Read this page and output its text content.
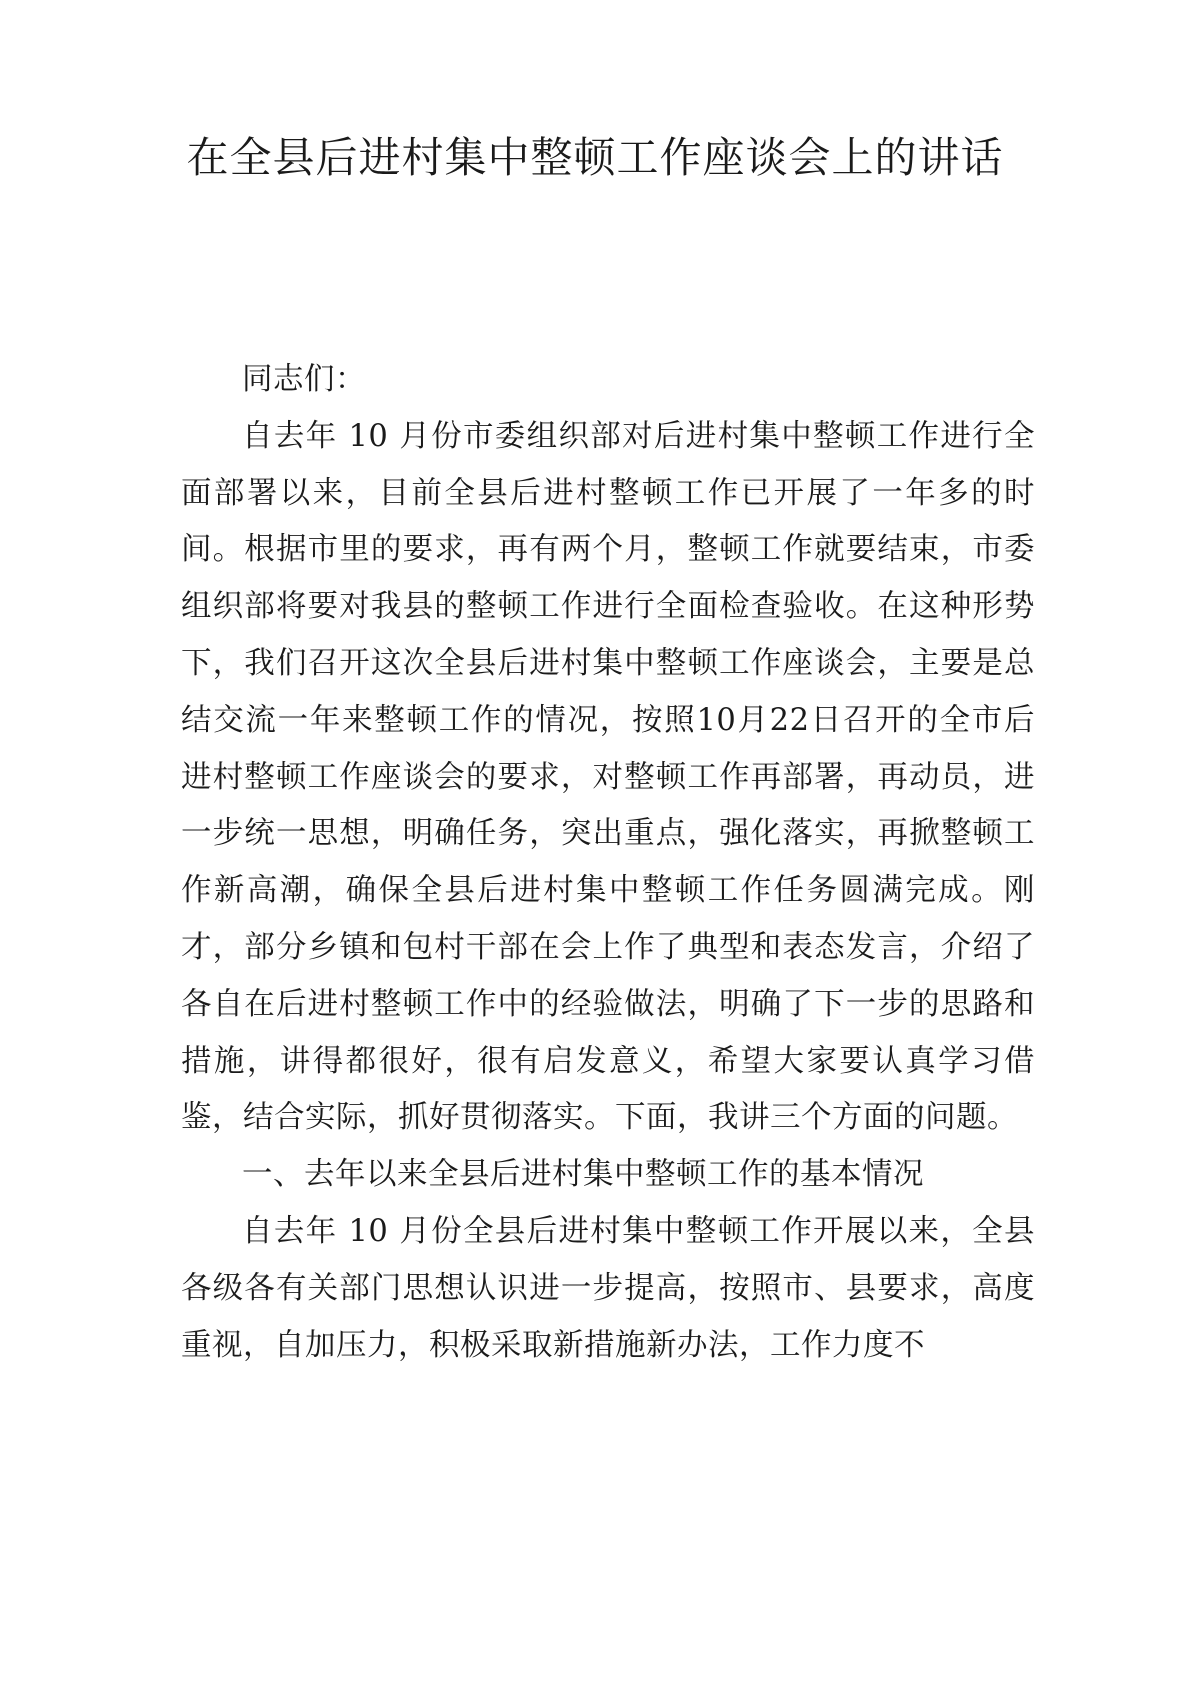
在全县后进村集中整顿工作座谈会上的讲话

同志们：

自去年 10 月份市委组织部对后进村集中整顿工作进行全面部署以来，目前全县后进村整顿工作已开展了一年多的时间。根据市里的要求，再有两个月，整顿工作就要结束，市委组织部将要对我县的整顿工作进行全面检查验收。在这种形势下，我们召开这次全县后进村集中整顿工作座谈会，主要是总结交流一年来整顿工作的情况，按照10月22日召开的全市后进村整顿工作座谈会的要求，对整顿工作再部署，再动员，进一步统一思想，明确任务，突出重点，强化落实，再掀整顿工作新高潮，确保全县后进村集中整顿工作任务圆满完成。刚才，部分乡镇和包村干部在会上作了典型和表态发言，介绍了各自在后进村整顿工作中的经验做法，明确了下一步的思路和措施，讲得都很好，很有启发意义，希望大家要认真学习借鉴，结合实际，抓好贯彻落实。下面，我讲三个方面的问题。

一、去年以来全县后进村集中整顿工作的基本情况

自去年 10 月份全县后进村集中整顿工作开展以来，全县各级各有关部门思想认识进一步提高，按照市、县要求，高度重视，自加压力，积极采取新措施新办法，工作力度不
